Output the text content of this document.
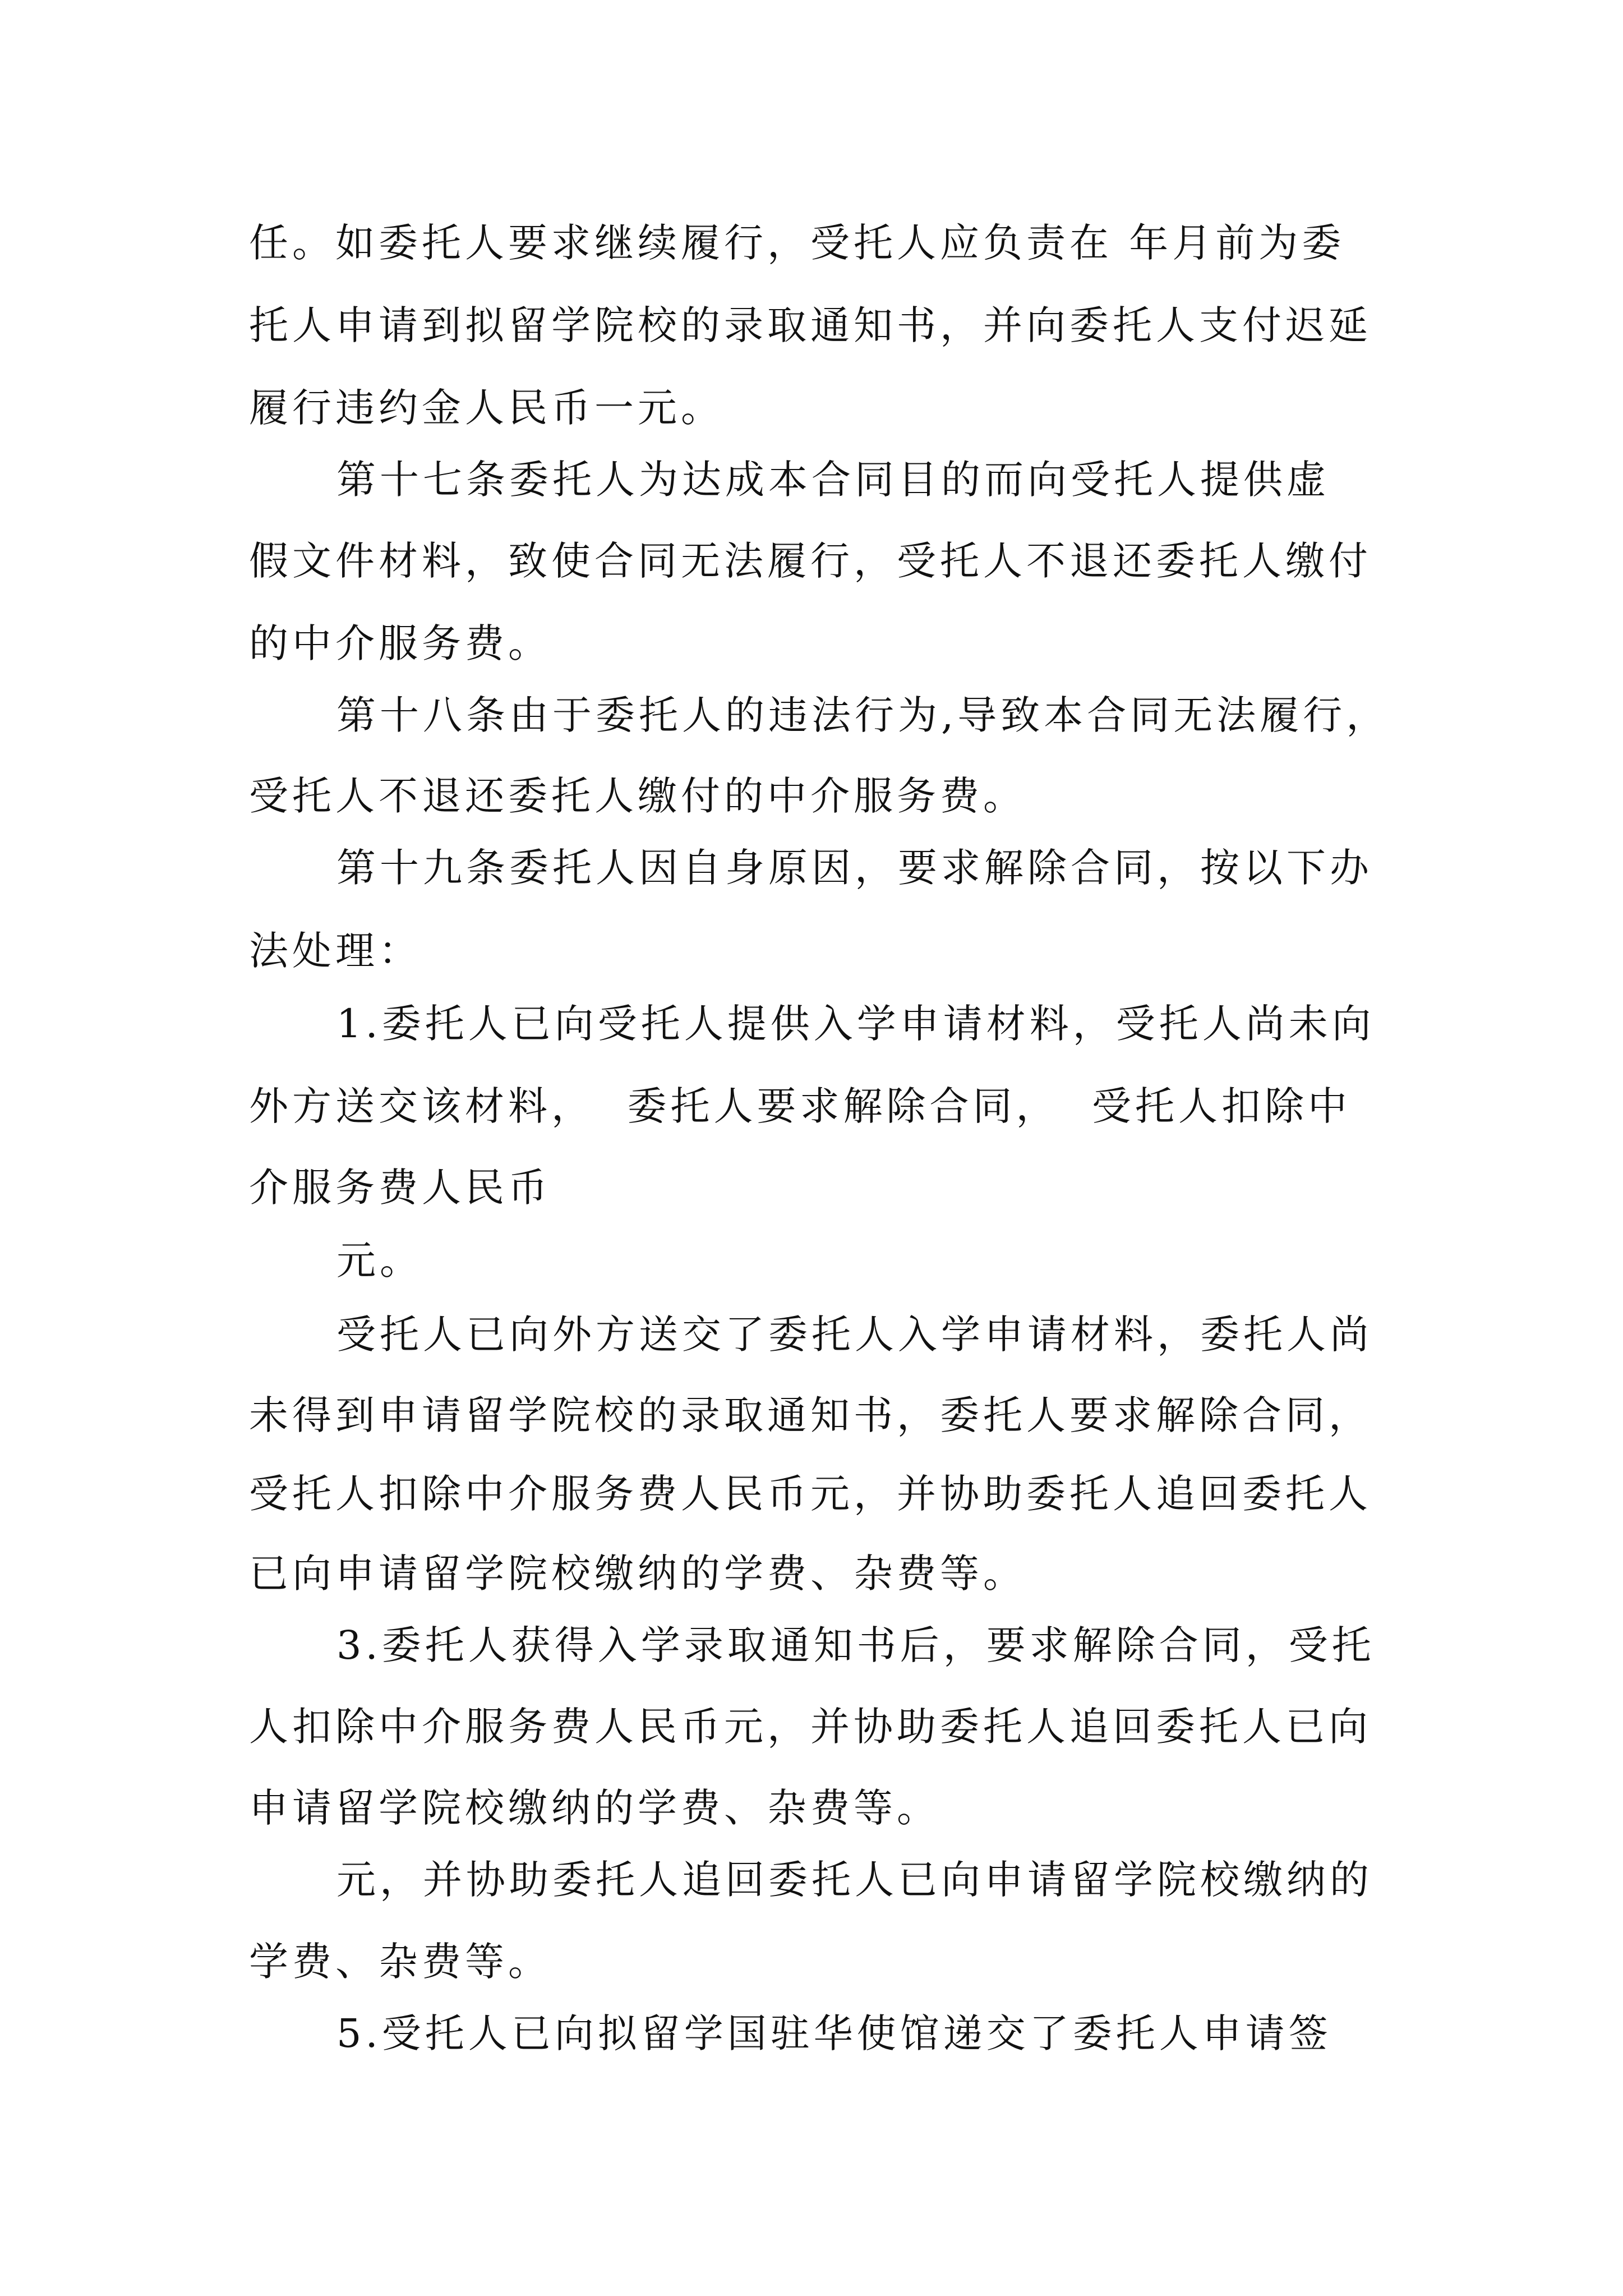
任。如委托人要求继续履行，受托人应负责在 年月前为委
托人申请到拟留学院校的录取通知书，并向委托人支付迟延
履行违约金人民币一元。
第十七条委托人为达成本合同目的而向受托人提供虚
假文件材料，致使合同无法履行，受托人不退还委托人缴付
的中介服务费。
第十八条由于委托人的违法行为,导致本合同无法履行，
受托人不退还委托人缴付的中介服务费。
第十九条委托人因自身原因，要求解除合同，按以下办
法处理：
1.委托人已向受托人提供入学申请材料，受托人尚未向
外方送交该材料，  委托人要求解除合同，  受托人扣除中
介服务费人民币
元。
受托人已向外方送交了委托人入学申请材料，委托人尚
未得到申请留学院校的录取通知书，委托人要求解除合同，
受托人扣除中介服务费人民币元，并协助委托人追回委托人
已向申请留学院校缴纳的学费、杂费等。
3.委托人获得入学录取通知书后，要求解除合同，受托
人扣除中介服务费人民币元，并协助委托人追回委托人已向
申请留学院校缴纳的学费、杂费等。
元，并协助委托人追回委托人已向申请留学院校缴纳的
学费、杂费等。
5.受托人已向拟留学国驻华使馆递交了委托人申请签
